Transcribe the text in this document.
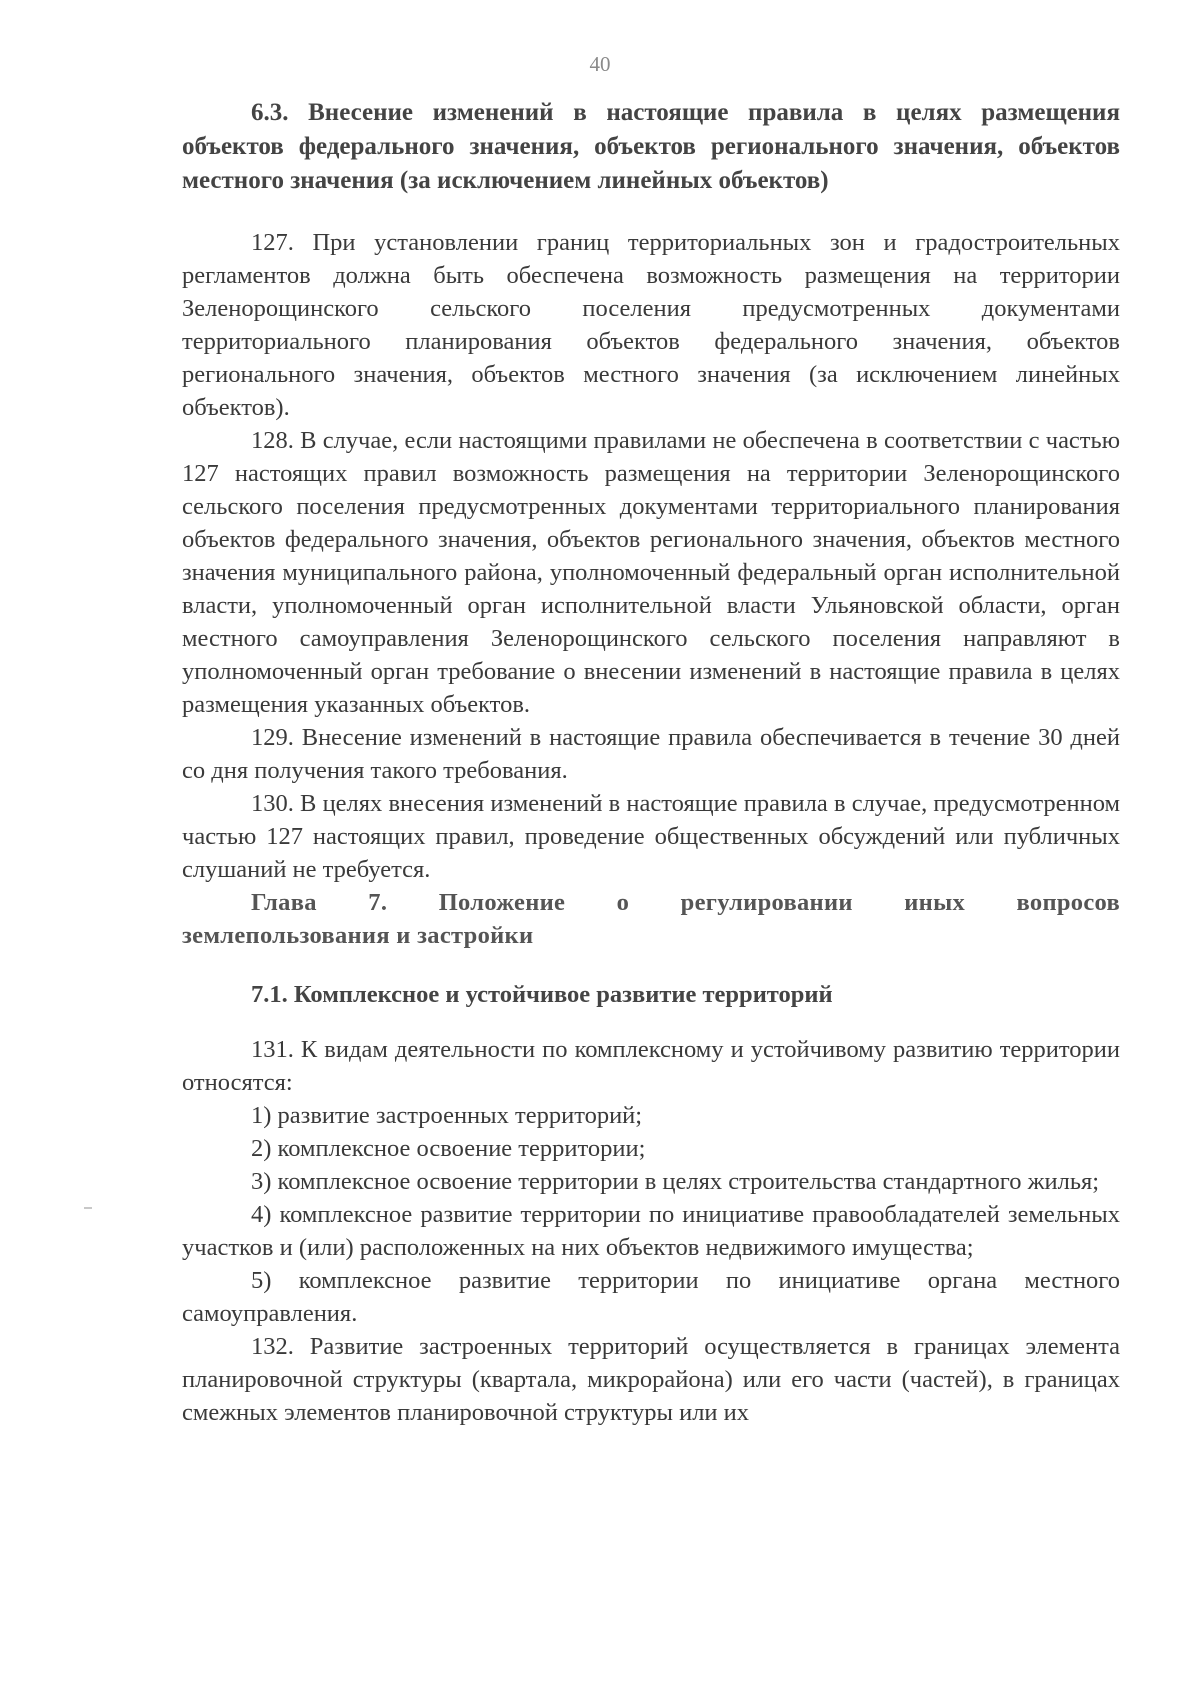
40

6.3. Внесение изменений в настоящие правила в целях размещения объектов федерального значения, объектов регионального значения, объектов местного значения (за исключением линейных объектов)

127. При установлении границ территориальных зон и градостроительных регламентов должна быть обеспечена возможность размещения на территории Зеленорощинского сельского поселения предусмотренных документами территориального планирования объектов федерального значения, объектов регионального значения, объектов местного значения (за исключением линейных объектов).

128. В случае, если настоящими правилами не обеспечена в соответствии с частью 127 настоящих правил возможность размещения на территории Зеленорощинского сельского поселения предусмотренных документами территориального планирования объектов федерального значения, объектов регионального значения, объектов местного значения муниципального района, уполномоченный федеральный орган исполнительной власти, уполномоченный орган исполнительной власти Ульяновской области, орган местного самоуправления Зеленорощинского сельского поселения направляют в уполномоченный орган требование о внесении изменений в настоящие правила в целях размещения указанных объектов.

129. Внесение изменений в настоящие правила обеспечивается в течение 30 дней со дня получения такого требования.

130. В целях внесения изменений в настоящие правила в случае, предусмотренном частью 127 настоящих правил, проведение общественных обсуждений или публичных слушаний не требуется.

Глава 7. Положение о регулировании иных вопросов
землепользования и застройки

7.1. Комплексное и устойчивое развитие территорий

131. К видам деятельности по комплексному и устойчивому развитию территории относятся:

1) развитие застроенных территорий;

2) комплексное освоение территории;

3) комплексное освоение территории в целях строительства стандартного жилья;

4) комплексное развитие территории по инициативе правообладателей земельных участков и (или) расположенных на них объектов недвижимого имущества;

5) комплексное развитие территории по инициативе органа местного самоуправления.

132. Развитие застроенных территорий осуществляется в границах элемента планировочной структуры (квартала, микрорайона) или его части (частей), в границах смежных элементов планировочной структуры или их
